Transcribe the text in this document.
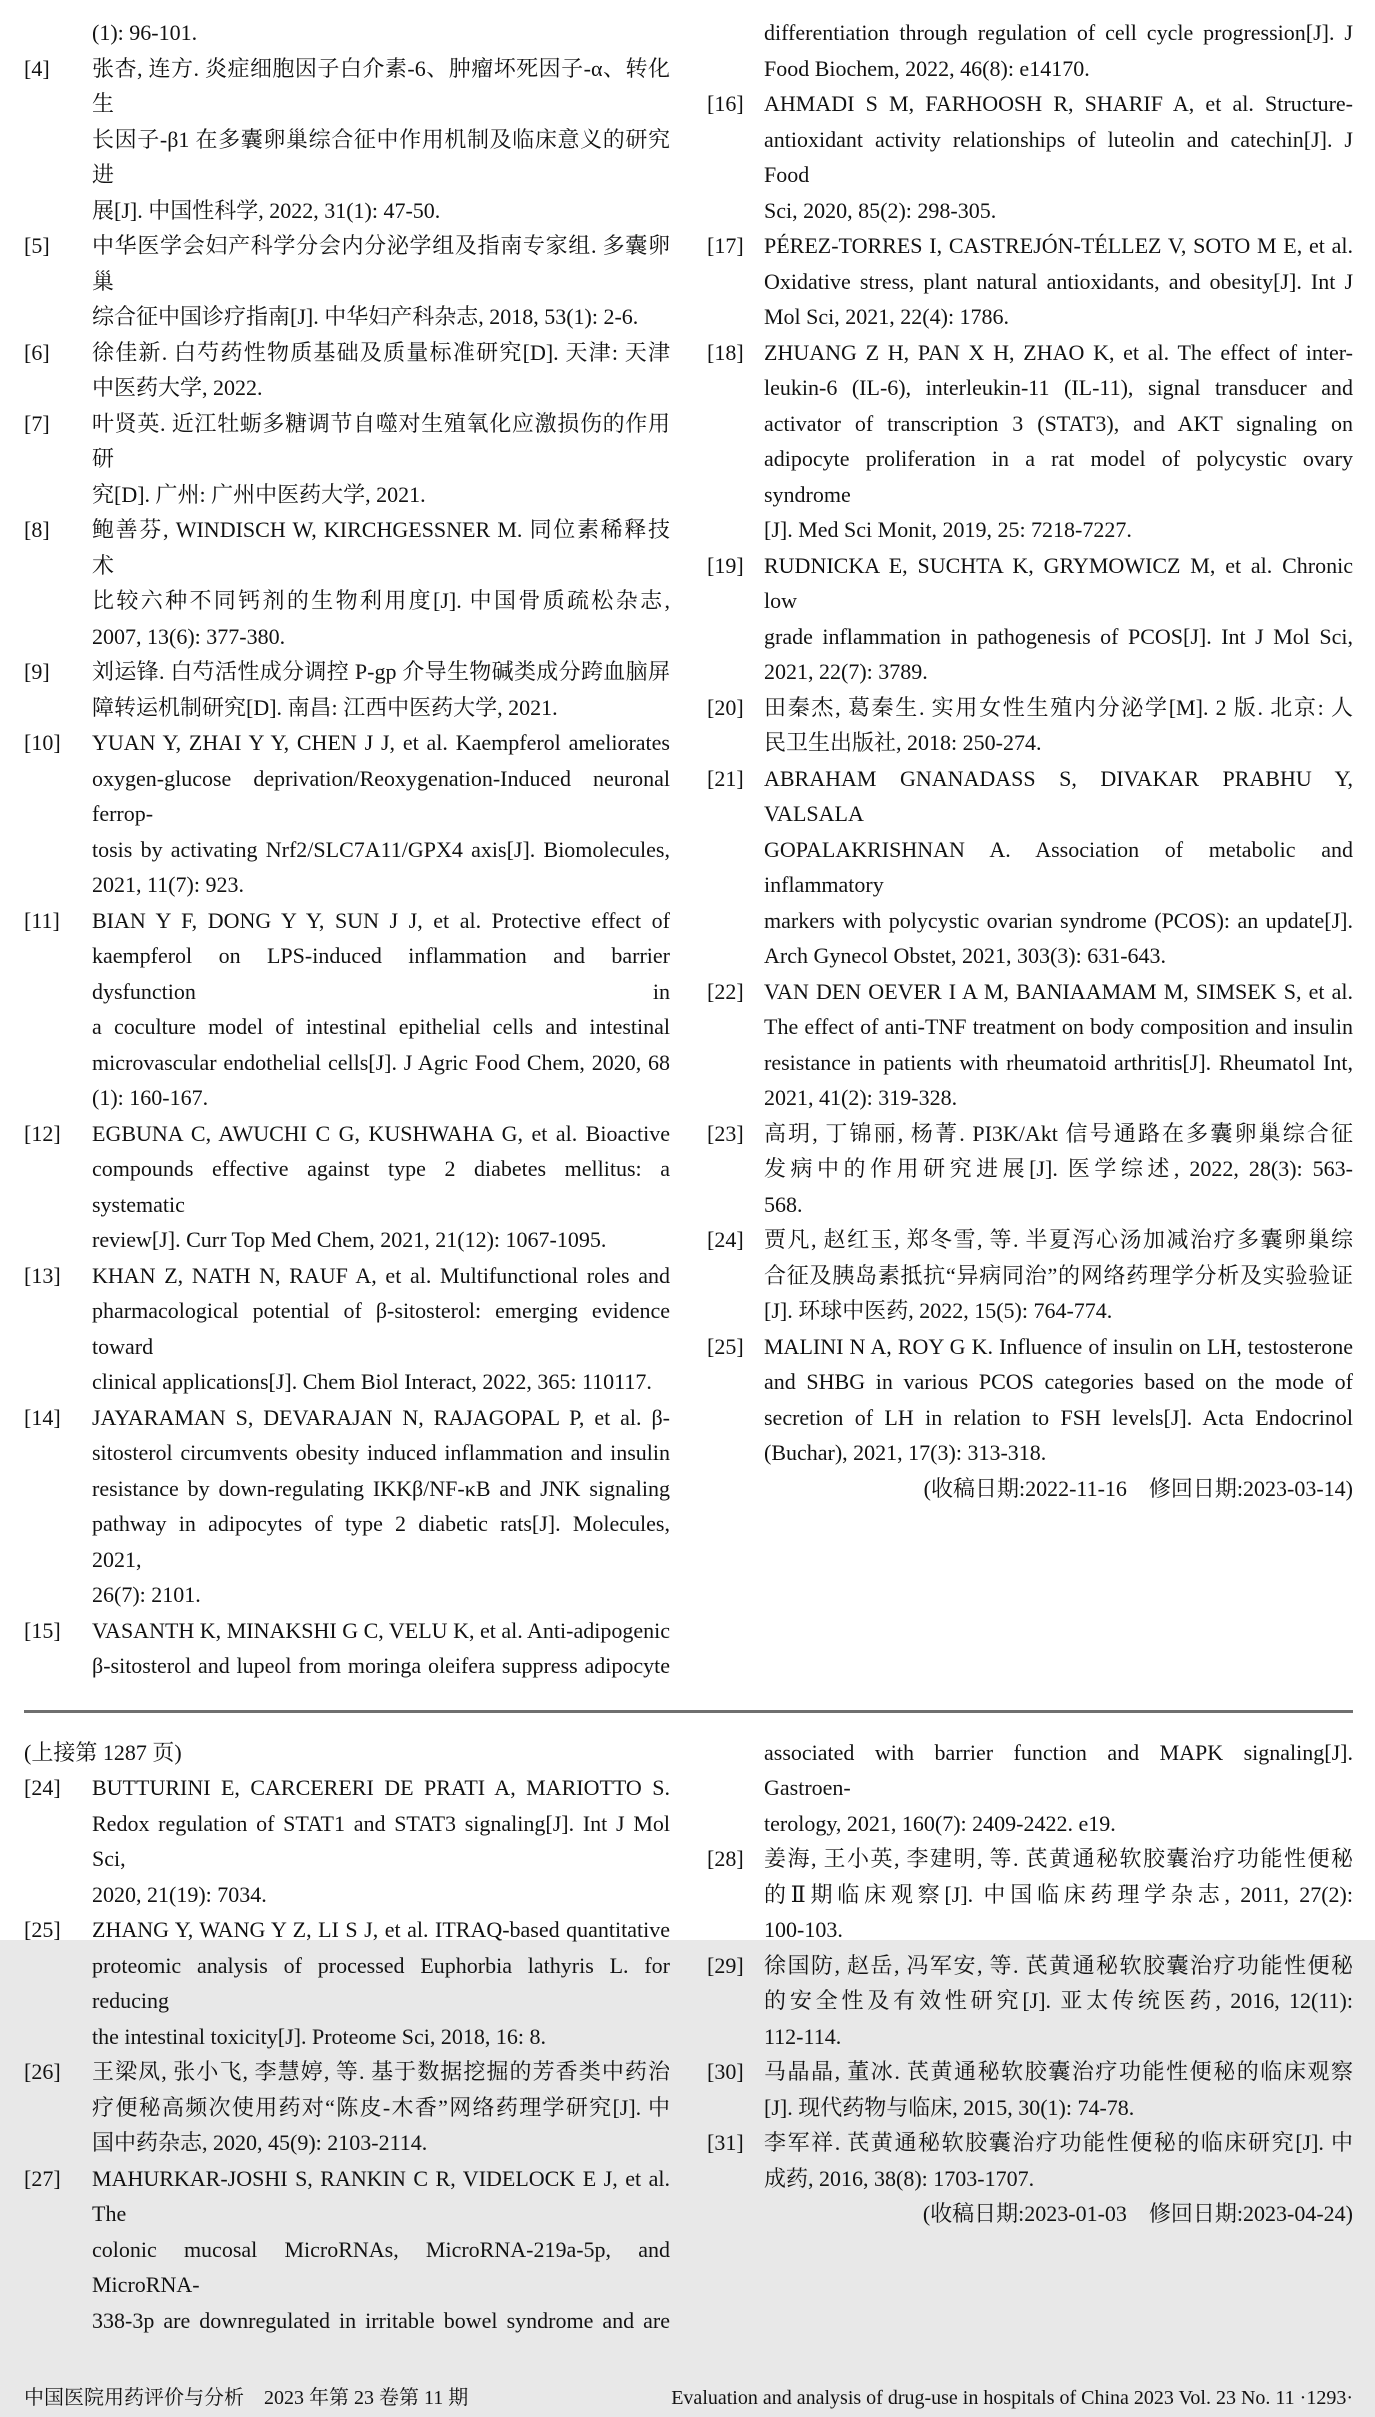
(1): 96-101.
[4] 张杏, 连方. 炎症细胞因子白介素-6、肿瘤坏死因子-α、转化生
长因子-β1 在多囊卵巢综合征中作用机制及临床意义的研究进
展[J]. 中国性科学, 2022, 31(1): 47-50.
[5] 中华医学会妇产科学分会内分泌学组及指南专家组. 多囊卵巢
综合征中国诊疗指南[J]. 中华妇产科杂志, 2018, 53(1): 2-6.
[6] 徐佳新. 白芍药性物质基础及质量标准研究[D]. 天津: 天津
中医药大学, 2022.
[7] 叶贤英. 近江牡蛎多糖调节自噬对生殖氧化应激损伤的作用研
究[D]. 广州: 广州中医药大学, 2021.
[8] 鲍善芬, WINDISCH W, KIRCHGESSNER M. 同位素稀释技术
比较六种不同钙剂的生物利用度[J]. 中国骨质疏松杂志,
2007, 13(6): 377-380.
[9] 刘运锋. 白芍活性成分调控 P-gp 介导生物碱类成分跨血脑屏
障转运机制研究[D]. 南昌: 江西中医药大学, 2021.
[10] YUAN Y, ZHAI Y Y, CHEN J J, et al. Kaempferol ameliorates
oxygen-glucose deprivation/Reoxygenation-Induced neuronal ferrop-
tosis by activating Nrf2/SLC7A11/GPX4 axis[J]. Biomolecules,
2021, 11(7): 923.
[11] BIAN Y F, DONG Y Y, SUN J J, et al. Protective effect of
kaempferol on LPS-induced inflammation and barrier dysfunction in
a coculture model of intestinal epithelial cells and intestinal
microvascular endothelial cells[J]. J Agric Food Chem, 2020, 68
(1): 160-167.
[12] EGBUNA C, AWUCHI C G, KUSHWAHA G, et al. Bioactive
compounds effective against type 2 diabetes mellitus: a systematic
review[J]. Curr Top Med Chem, 2021, 21(12): 1067-1095.
[13] KHAN Z, NATH N, RAUF A, et al. Multifunctional roles and
pharmacological potential of β-sitosterol: emerging evidence toward
clinical applications[J]. Chem Biol Interact, 2022, 365: 110117.
[14] JAYARAMAN S, DEVARAJAN N, RAJAGOPAL P, et al. β-
sitosterol circumvents obesity induced inflammation and insulin
resistance by down-regulating IKKβ/NF-κB and JNK signaling
pathway in adipocytes of type 2 diabetic rats[J]. Molecules, 2021,
26(7): 2101.
[15] VASANTH K, MINAKSHI G C, VELU K, et al. Anti-adipogenic
β-sitosterol and lupeol from moringa oleifera suppress adipocyte
differentiation through regulation of cell cycle progression[J]. J
Food Biochem, 2022, 46(8): e14170.
[16] AHMADI S M, FARHOOSH R, SHARIF A, et al. Structure-
antioxidant activity relationships of luteolin and catechin[J]. J Food
Sci, 2020, 85(2): 298-305.
[17] PÉREZ-TORRES I, CASTREJÓN-TÉLLEZ V, SOTO M E, et al.
Oxidative stress, plant natural antioxidants, and obesity[J]. Int J
Mol Sci, 2021, 22(4): 1786.
[18] ZHUANG Z H, PAN X H, ZHAO K, et al. The effect of inter-
leukin-6 (IL-6), interleukin-11 (IL-11), signal transducer and
activator of transcription 3 (STAT3), and AKT signaling on
adipocyte proliferation in a rat model of polycystic ovary syndrome
[J]. Med Sci Monit, 2019, 25: 7218-7227.
[19] RUDNICKA E, SUCHTA K, GRYMOWICZ M, et al. Chronic low
grade inflammation in pathogenesis of PCOS[J]. Int J Mol Sci,
2021, 22(7): 3789.
[20] 田秦杰, 葛秦生. 实用女性生殖内分泌学[M]. 2 版. 北京: 人
民卫生出版社, 2018: 250-274.
[21] ABRAHAM GNANADASS S, DIVAKAR PRABHU Y, VALSALA
GOPALAKRISHNAN A. Association of metabolic and inflammatory
markers with polycystic ovarian syndrome (PCOS): an update[J].
Arch Gynecol Obstet, 2021, 303(3): 631-643.
[22] VAN DEN OEVER I A M, BANIAAMAM M, SIMSEK S, et al.
The effect of anti-TNF treatment on body composition and insulin
resistance in patients with rheumatoid arthritis[J]. Rheumatol Int,
2021, 41(2): 319-328.
[23] 高玥, 丁锦丽, 杨菁. PI3K/Akt 信号通路在多囊卵巢综合征
发病中的作用研究进展[J]. 医学综述, 2022, 28(3): 563-
568.
[24] 贾凡, 赵红玉, 郑冬雪, 等. 半夏泻心汤加减治疗多囊卵巢综
合征及胰岛素抵抗“异病同治”的网络药理学分析及实验验证
[J]. 环球中医药, 2022, 15(5): 764-774.
[25] MALINI N A, ROY G K. Influence of insulin on LH, testosterone
and SHBG in various PCOS categories based on the mode of
secretion of LH in relation to FSH levels[J]. Acta Endocrinol
(Buchar), 2021, 17(3): 313-318.
(收稿日期:2022-11-16　修回日期:2023-03-14)
(上接第 1287 页)
[24] BUTTURINI E, CARCERERI DE PRATI A, MARIOTTO S.
Redox regulation of STAT1 and STAT3 signaling[J]. Int J Mol Sci,
2020, 21(19): 7034.
[25] ZHANG Y, WANG Y Z, LI S J, et al. ITRAQ-based quantitative
proteomic analysis of processed Euphorbia lathyris L. for reducing
the intestinal toxicity[J]. Proteome Sci, 2018, 16: 8.
[26] 王梁凤, 张小飞, 李慧婷, 等. 基于数据挖掘的芳香类中药治
疗便秘高频次使用药对“陈皮-木香”网络药理学研究[J]. 中
国中药杂志, 2020, 45(9): 2103-2114.
[27] MAHURKAR-JOSHI S, RANKIN C R, VIDELOCK E J, et al. The
colonic mucosal MicroRNAs, MicroRNA-219a-5p, and MicroRNA-
338-3p are downregulated in irritable bowel syndrome and are
associated with barrier function and MAPK signaling[J]. Gastroen-
terology, 2021, 160(7): 2409-2422. e19.
[28] 姜海, 王小英, 李建明, 等. 芪黄通秘软胶囊治疗功能性便秘
的Ⅱ期临床观察[J]. 中国临床药理学杂志, 2011, 27(2):
100-103.
[29] 徐国防, 赵岳, 冯军安, 等. 芪黄通秘软胶囊治疗功能性便秘
的安全性及有效性研究[J]. 亚太传统医药, 2016, 12(11):
112-114.
[30] 马晶晶, 董冰. 芪黄通秘软胶囊治疗功能性便秘的临床观察
[J]. 现代药物与临床, 2015, 30(1): 74-78.
[31] 李军祥. 芪黄通秘软胶囊治疗功能性便秘的临床研究[J]. 中
成药, 2016, 38(8): 1703-1707.
(收稿日期:2023-01-03　修回日期:2023-04-24)
中国医院用药评价与分析　2023 年第 23 卷第 11 期	Evaluation and analysis of drug-use in hospitals of China 2023 Vol. 23 No. 11 ·1293·
